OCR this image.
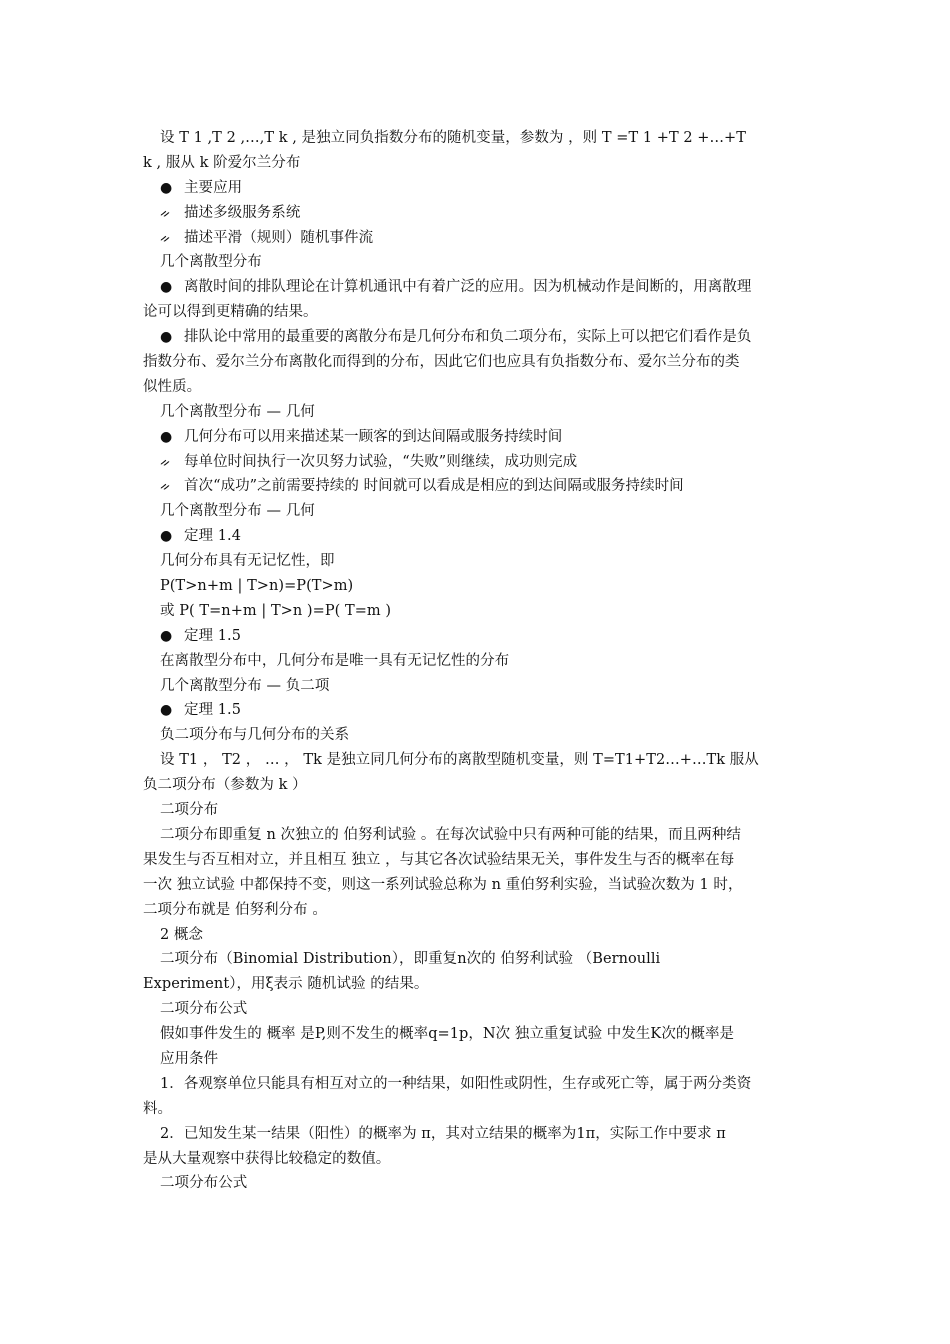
设 T 1 ,T 2 ,…,T k , 是独立同负指数分布的随机变量，参数为 ，则 T =T 1 +T 2 +…+T
k , 服从 k 阶爱尔兰分布
● 主要应用
ᨀ 描述多级服务系统
ᨀ 描述平滑（规则）随机事件流
几个离散型分布
● 离散时间的排队理论在计算机通讯中有着广泛的应用。因为机械动作是间断的，用离散理
论可以得到更精确的结果。
● 排队论中常用的最重要的离散分布是几何分布和负二项分布，实际上可以把它们看作是负
指数分布、爱尔兰分布离散化而得到的分布，因此它们也应具有负指数分布、爱尔兰分布的类
似性质。
几个离散型分布 — 几何
● 几何分布可以用来描述某一顾客的到达间隔或服务持续时间
ᨀ 每单位时间执行一次贝努力试验，“失败”则继续，成功则完成
ᨀ 首次“成功”之前需要持续的 时间就可以看成是相应的到达间隔或服务持续时间
几个离散型分布 — 几何
● 定理 1.4
几何分布具有无记忆性，即
P(T>n+m | T>n)=P(T>m)
或 P( T=n+m | T>n )=P( T=m )
● 定理 1.5
在离散型分布中，几何分布是唯一具有无记忆性的分布
几个离散型分布 — 负二项
● 定理 1.5
负二项分布与几何分布的关系
设 T1 ， T2 ， … ， Tk 是独立同几何分布的离散型随机变量，则 T=T1+T2…+…Tk 服从
负二项分布（参数为 k ）
二项分布
二项分布即重复 n 次独立的 伯努利试验 。在每次试验中只有两种可能的结果，而且两种结
果发生与否互相对立，并且相互 独立 ，与其它各次试验结果无关，事件发生与否的概率在每
一次 独立试验 中都保持不变，则这一系列试验总称为 n 重伯努利实验，当试验次数为 1 时，
二项分布就是 伯努利分布 。
2 概念
二项分布（Binomial Distribution），即重复n次的 伯努利试验 （Bernoulli
Experiment），用ξ表示 随机试验 的结果。
二项分布公式
假如事件发生的 概率 是P,则不发生的概率q=1p，N次 独立重复试验 中发生K次的概率是
应用条件
1．各观察单位只能具有相互对立的一种结果，如阳性或阴性，生存或死亡等，属于两分类资
料。
2．已知发生某一结果（阳性）的概率为 π，其对立结果的概率为1π，实际工作中要求 π
是从大量观察中获得比较稳定的数值。
二项分布公式
